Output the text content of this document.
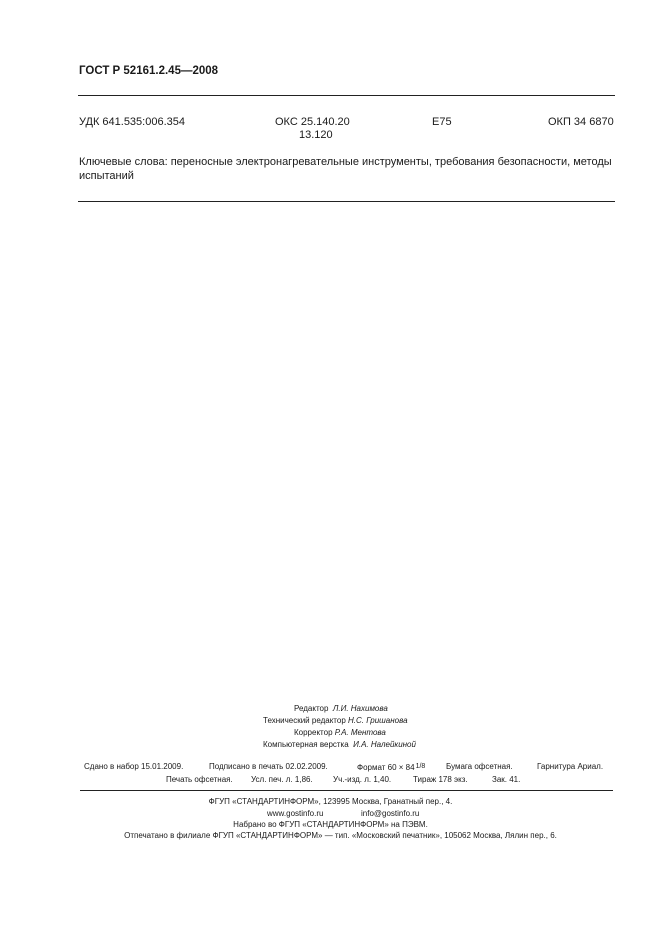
ГОСТ Р 52161.2.45—2008
УДК 641.535:006.354	ОКС 25.140.20
13.120
E75	ОКП 34 6870
Ключевые слова: переносные электронагревательные инструменты, требования безопасности, методы испытаний
Редактор Л.И. Нахимова
Технический редактор Н.С. Гришанова
Корректор Р.А. Ментова
Компьютерная верстка И.А. Налейкиной
Сдано в набор 15.01.2009.	Подписано в печать 02.02.2009.	Формат 60 × 841/8	Бумага офсетная.	Гарнитура Ариал.
Печать офсетная. Усл. печ. л. 1,86.	Уч.-изд. л. 1,40.	Тираж 178 экз.	Зак. 41.
ФГУП «СТАНДАРТИНФОРМ», 123995 Москва, Гранатный пер., 4.
www.gostinfo.ru	info@gostinfo.ru
Набрано во ФГУП «СТАНДАРТИНФОРМ» на ПЭВМ.
Отпечатано в филиале ФГУП «СТАНДАРТИНФОРМ» — тип. «Московский печатник», 105062 Москва, Лялин пер., 6.
